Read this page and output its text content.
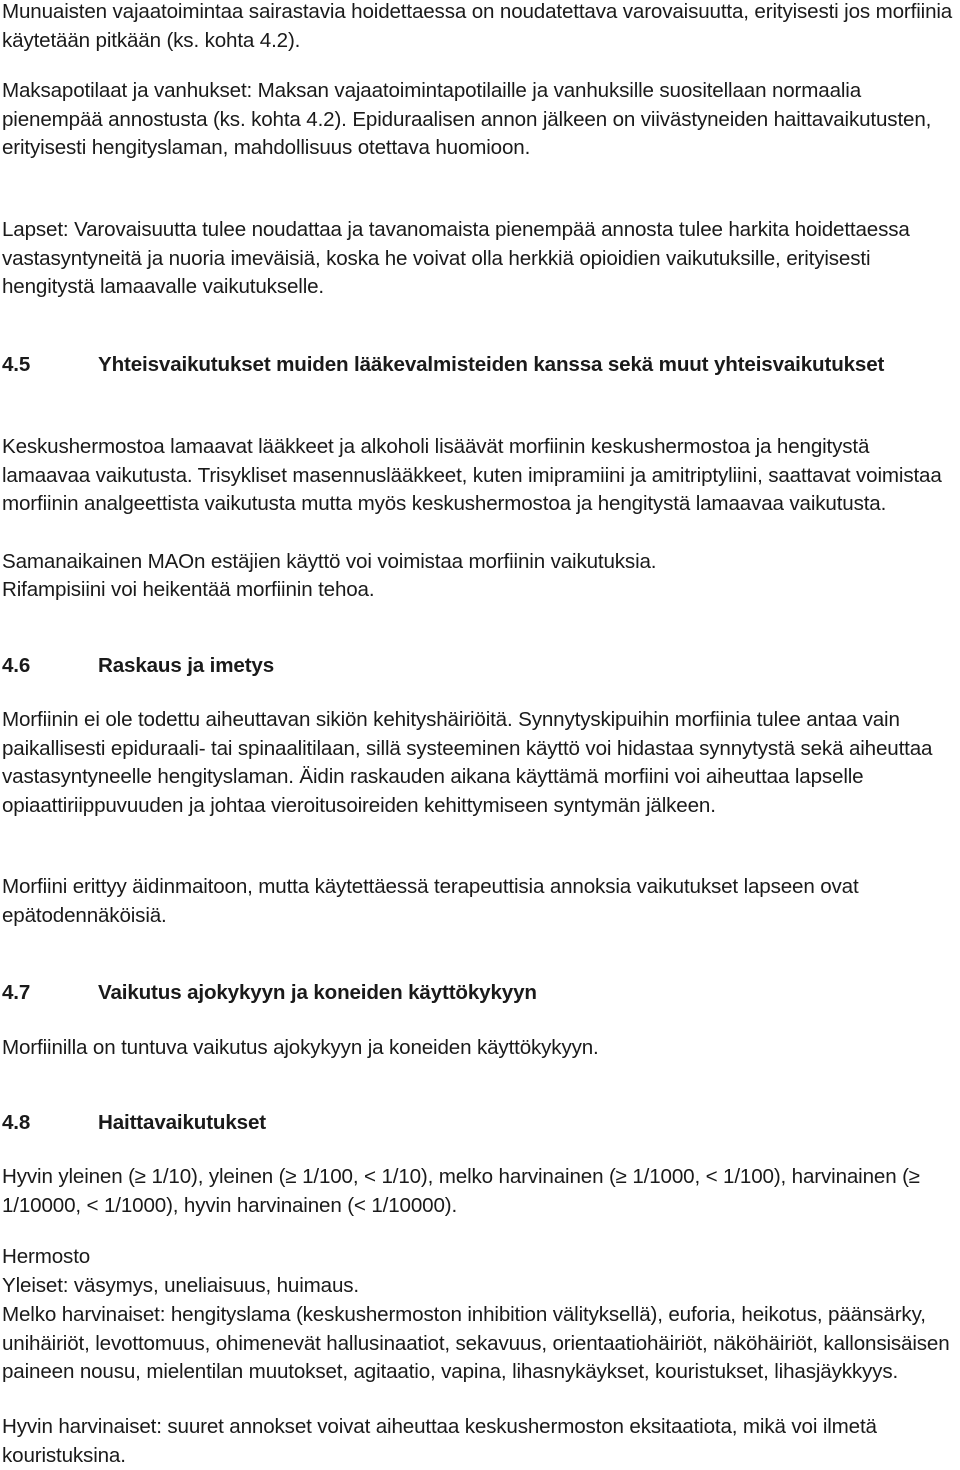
Munuaisten vajaatoimintaa sairastavia hoidettaessa on noudatettava varovaisuutta, erityisesti jos morfiinia käytetään pitkään (ks. kohta 4.2).

Maksapotilaat ja vanhukset: Maksan vajaatoimintapotilaille ja vanhuksille suositellaan normaalia pienempää annostusta (ks. kohta 4.2). Epiduraalisen annon jälkeen on viivästyneiden haittavaikutusten, erityisesti hengityslaman, mahdollisuus otettava huomioon.

Lapset: Varovaisuutta tulee noudattaa ja tavanomaista pienempää annosta tulee harkita hoidettaessa vastasyntyneitä ja nuoria imeväisiä, koska he voivat olla herkkiä opioidien vaikutuksille, erityisesti hengitystä lamaavalle vaikutukselle.

4.5	Yhteisvaikutukset muiden lääkevalmisteiden kanssa sekä muut yhteisvaikutukset

Keskushermostoa lamaavat lääkkeet ja alkoholi lisäävät morfiinin keskushermostoa ja hengitystä lamaavaa vaikutusta. Trisykliset masennuslääkkeet, kuten imipramiini ja amitriptyliini, saattavat voimistaa morfiinin analgeettista vaikutusta mutta myös keskushermostoa ja hengitystä lamaavaa vaikutusta.

Samanaikainen MAOn estäjien käyttö voi voimistaa morfiinin vaikutuksia.

Rifampisiini voi heikentää morfiinin tehoa.

4.6	Raskaus ja imetys

Morfiinin ei ole todettu aiheuttavan sikiön kehityshäiriöitä. Synnytyskipuihin morfiinia tulee antaa vain paikallisesti epiduraali- tai spinaalitilaan, sillä systeeminen käyttö voi hidastaa synnytystä sekä aiheuttaa vastasyntyneelle hengityslaman. Äidin raskauden aikana käyttämä morfiini voi aiheuttaa lapselle opiaattiriippuvuuden ja johtaa vieroitusoireiden kehittymiseen syntymän jälkeen.

Morfiini erittyy äidinmaitoon, mutta käytettäessä terapeuttisia annoksia vaikutukset lapseen ovat epätodennäköisiä.

4.7	Vaikutus ajokykyyn ja koneiden käyttökykyyn

Morfiinilla on tuntuva vaikutus ajokykyyn ja koneiden käyttökykyyn.

4.8	Haittavaikutukset

Hyvin yleinen (≥ 1/10), yleinen (≥ 1/100, < 1/10), melko harvinainen (≥ 1/1000, < 1/100), harvinainen (≥ 1/10000, < 1/1000), hyvin harvinainen (< 1/10000).

Hermosto

Yleiset: väsymys, uneliaisuus, huimaus.

Melko harvinaiset: hengityslama (keskushermoston inhibition välityksellä), euforia, heikotus, päänsärky, unihäiriöt, levottomuus, ohimenevät hallusinaatiot, sekavuus, orientaatiohäiriöt, näköhäiriöt, kallonsisäisen paineen nousu, mielentilan muutokset, agitaatio, vapina, lihasnykäykset, kouristukset, lihasjäykkyys.

Hyvin harvinaiset: suuret annokset voivat aiheuttaa keskushermoston eksitaatiota, mikä voi ilmetä kouristuksina.
